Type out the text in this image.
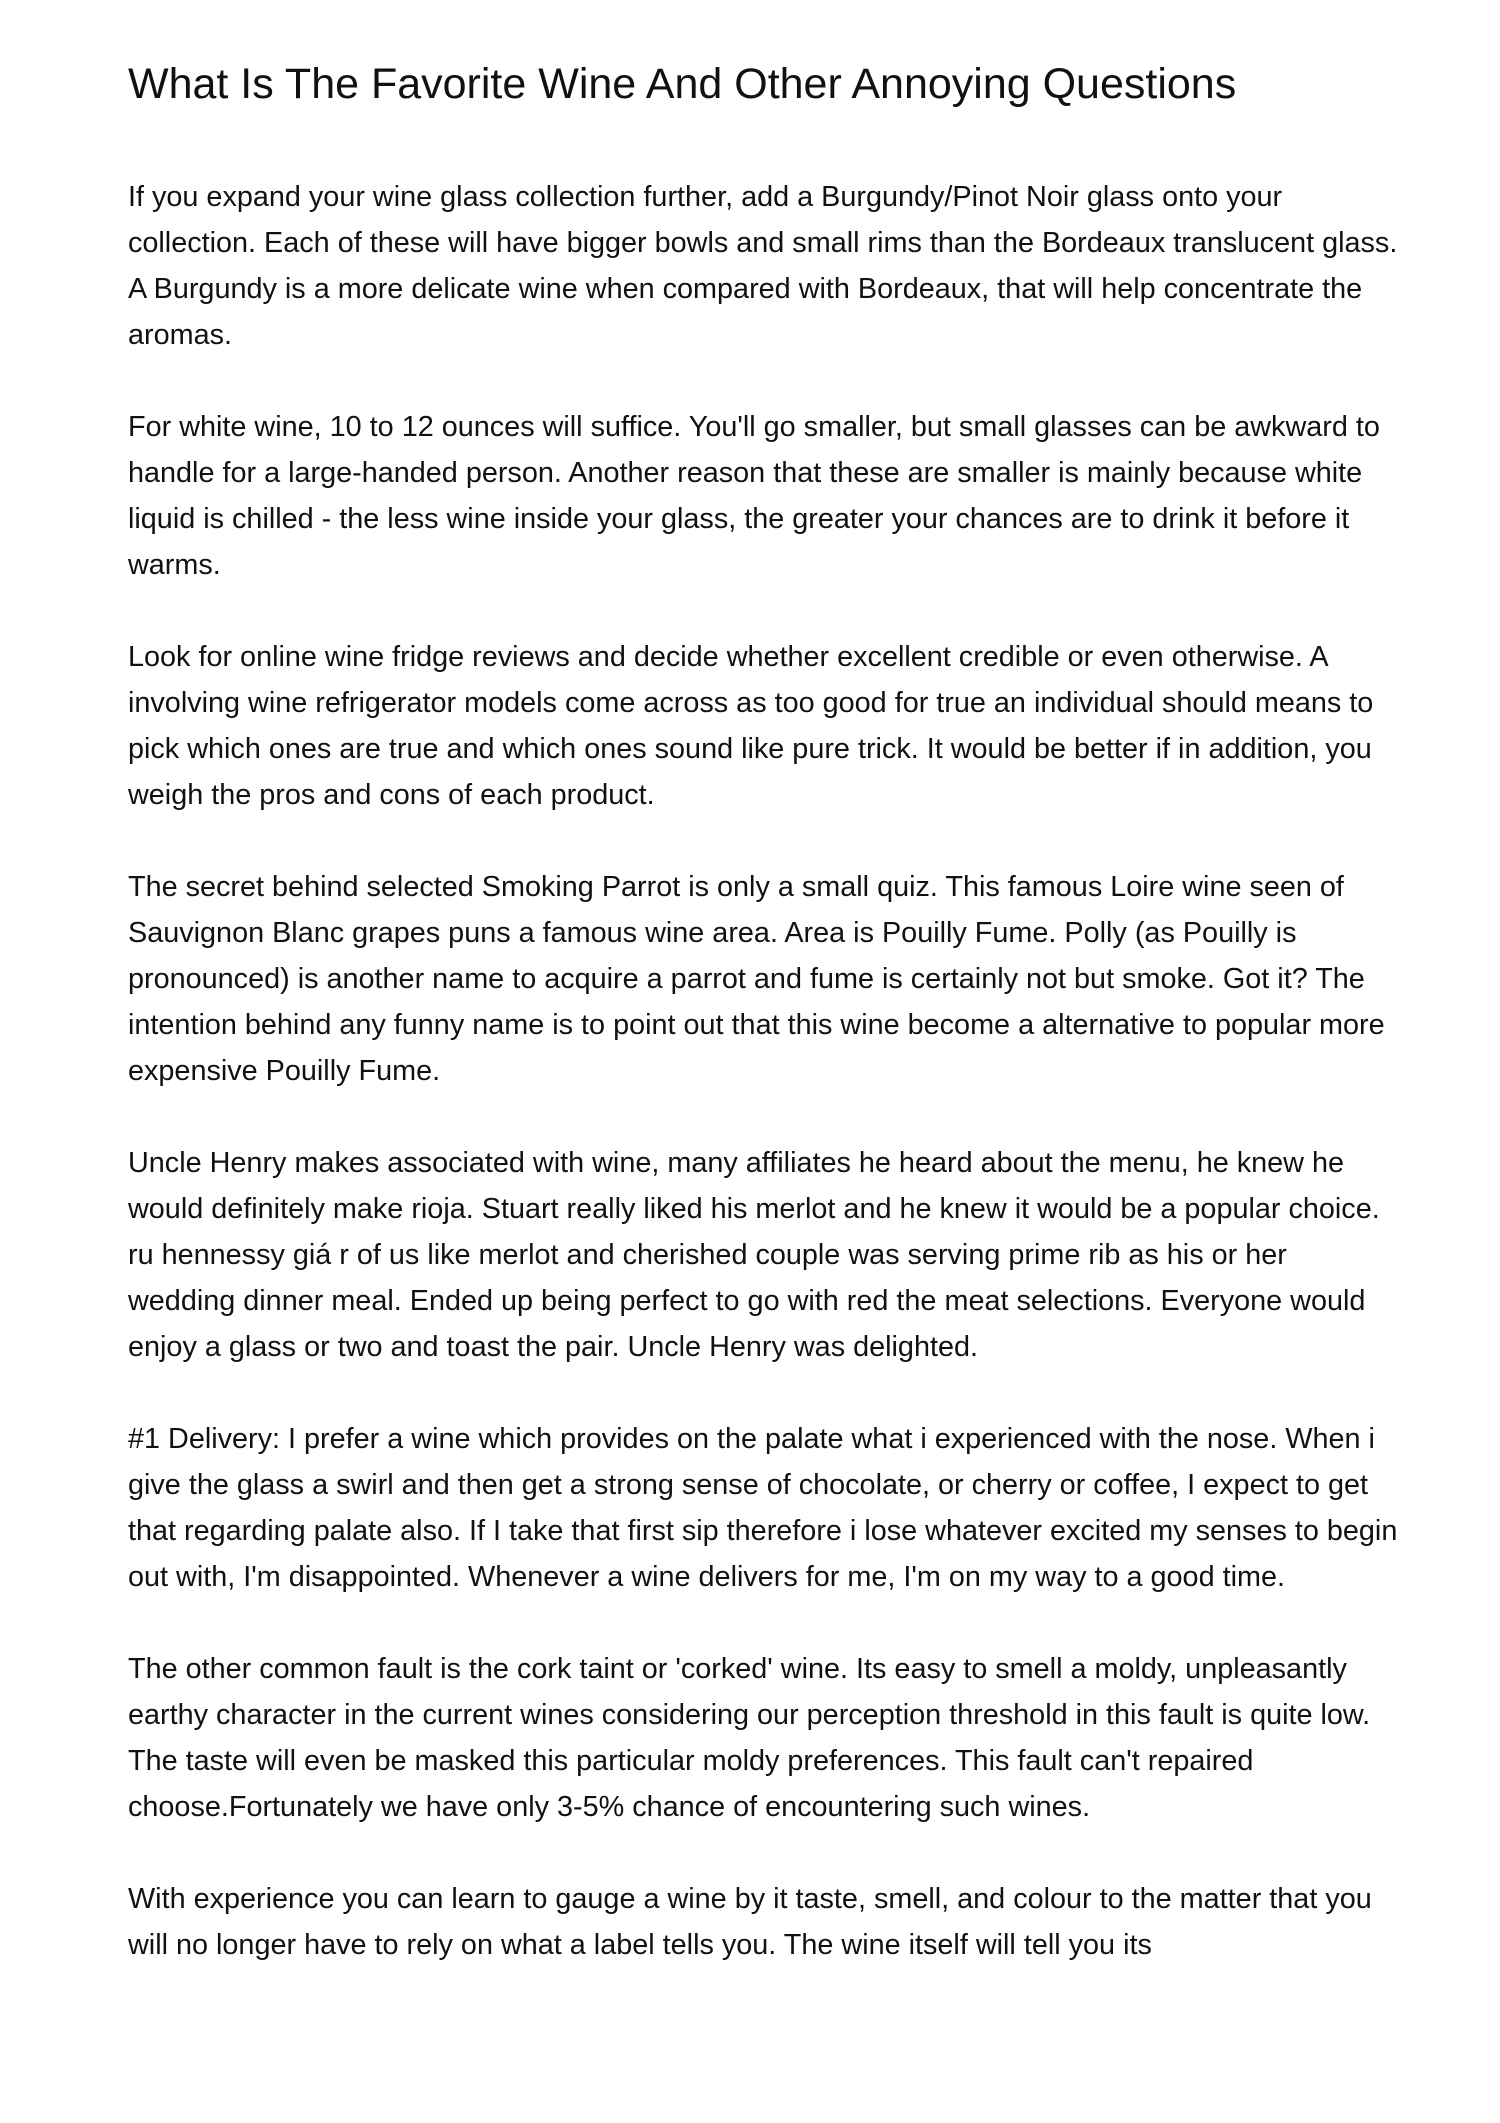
What Is The Favorite Wine And Other Annoying Questions

If you expand your wine glass collection further, add a Burgundy/Pinot Noir glass onto your collection. Each of these will have bigger bowls and small rims than the Bordeaux translucent glass. A Burgundy is a more delicate wine when compared with Bordeaux, that will help concentrate the aromas.

For white wine, 10 to 12 ounces will suffice. You'll go smaller, but small glasses can be awkward to handle for a large-handed person. Another reason that these are smaller is mainly because white liquid is chilled - the less wine inside your glass, the greater your chances are to drink it before it warms.

Look for online wine fridge reviews and decide whether excellent credible or even otherwise. A involving wine refrigerator models come across as too good for true an individual should means to pick which ones are true and which ones sound like pure trick. It would be better if in addition, you weigh the pros and cons of each product.

The secret behind selected Smoking Parrot is only a small quiz. This famous Loire wine seen of Sauvignon Blanc grapes puns a famous wine area. Area is Pouilly Fume. Polly (as Pouilly is pronounced) is another name to acquire a parrot and fume is certainly not but smoke. Got it? The intention behind any funny name is to point out that this wine become a alternative to popular more expensive Pouilly Fume.

Uncle Henry makes associated with wine, many affiliates he heard about the menu, he knew he would definitely make rioja. Stuart really liked his merlot and he knew it would be a popular choice. ru hennessy giá r of us like merlot and cherished couple was serving prime rib as his or her wedding dinner meal. Ended up being perfect to go with red the meat selections. Everyone would enjoy a glass or two and toast the pair. Uncle Henry was delighted.

#1 Delivery: I prefer a wine which provides on the palate what i experienced with the nose. When i give the glass a swirl and then get a strong sense of chocolate, or cherry or coffee, I expect to get that regarding palate also. If I take that first sip therefore i lose whatever excited my senses to begin out with, I'm disappointed. Whenever a wine delivers for me, I'm on my way to a good time.

The other common fault is the cork taint or 'corked' wine. Its easy to smell a moldy, unpleasantly earthy character in the current wines considering our perception threshold in this fault is quite low. The taste will even be masked this particular moldy preferences. This fault can't repaired choose.Fortunately we have only 3-5% chance of encountering such wines.

With experience you can learn to gauge a wine by it taste, smell, and colour to the matter that you will no longer have to rely on what a label tells you. The wine itself will tell you its
